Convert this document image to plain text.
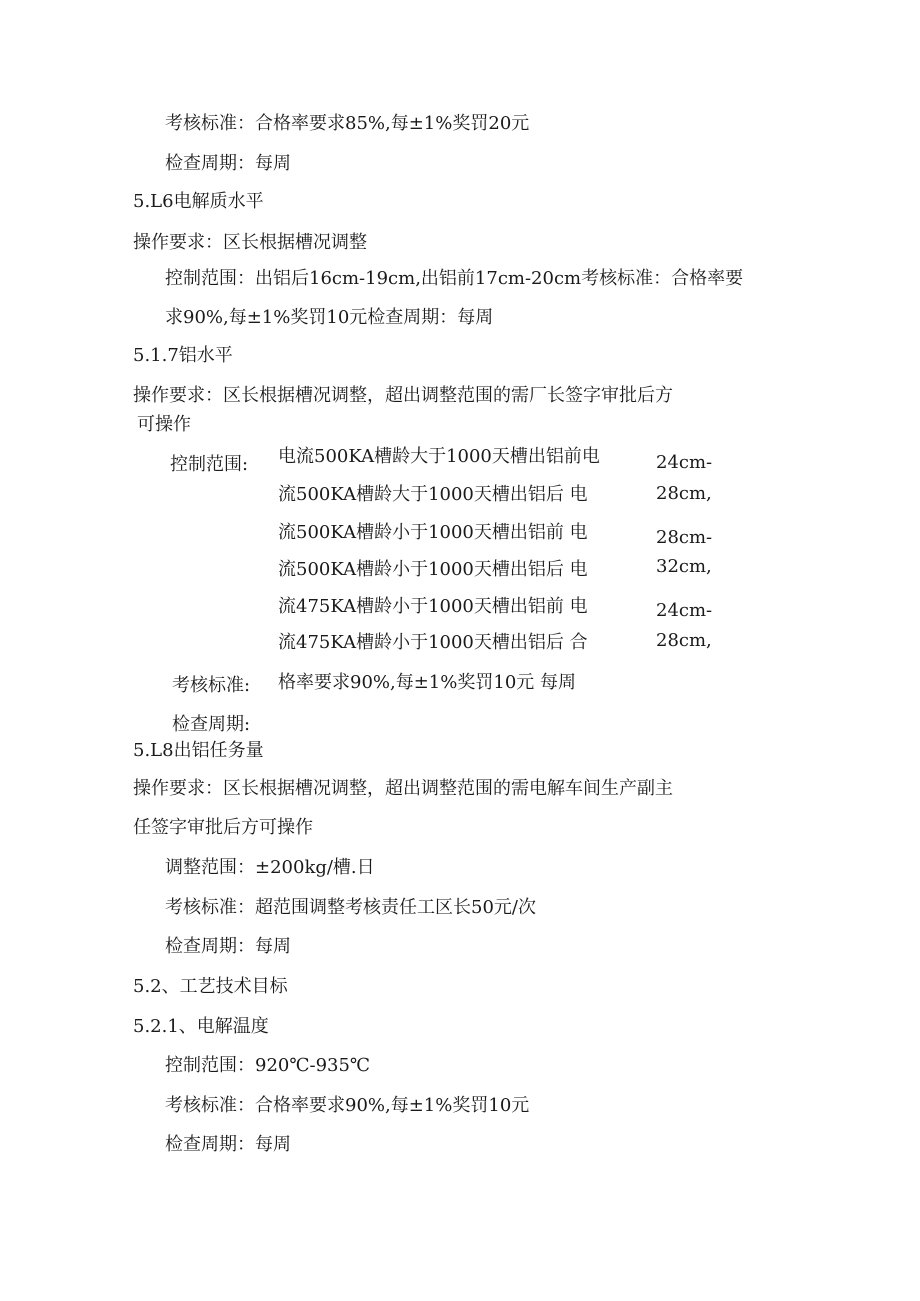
考核标准：合格率要求85%,每±1%奖罚20元
检查周期：每周
5.L6电解质水平
操作要求：区长根据槽况调整
控制范围：出铝后16cm-19cm,出铝前17cm-20cm考核标准：合格率要
求90%,每±1%奖罚10元检查周期：每周
5.1.7铝水平
操作要求：区长根据槽况调整，超出调整范围的需厂长签字审批后方
可操作
控制范围: 电流500KA槽龄大于1000天槽出铝前电
流500KA槽龄大于1000天槽出铝后 电
流500KA槽龄小于1000天槽出铝前 电
流500KA槽龄小于1000天槽出铝后 电
流475KA槽龄小于1000天槽出铝前 电
流475KA槽龄小于1000天槽出铝后 合
格率要求90%,每±1%奖罚10元 每周
24cm-
28cm,
28cm-
32cm,
24cm-
28cm,
考核标准:
检查周期:
5.L8出铝任务量
操作要求：区长根据槽况调整，超出调整范围的需电解车间生产副主
任签字审批后方可操作
调整范围：±200kg/槽.日
考核标准：超范围调整考核责任工区长50元/次
检查周期：每周
5.2、工艺技术目标
5.2.1、电解温度
控制范围：920℃-935℃
考核标准：合格率要求90%,每±1%奖罚10元
检查周期：每周
